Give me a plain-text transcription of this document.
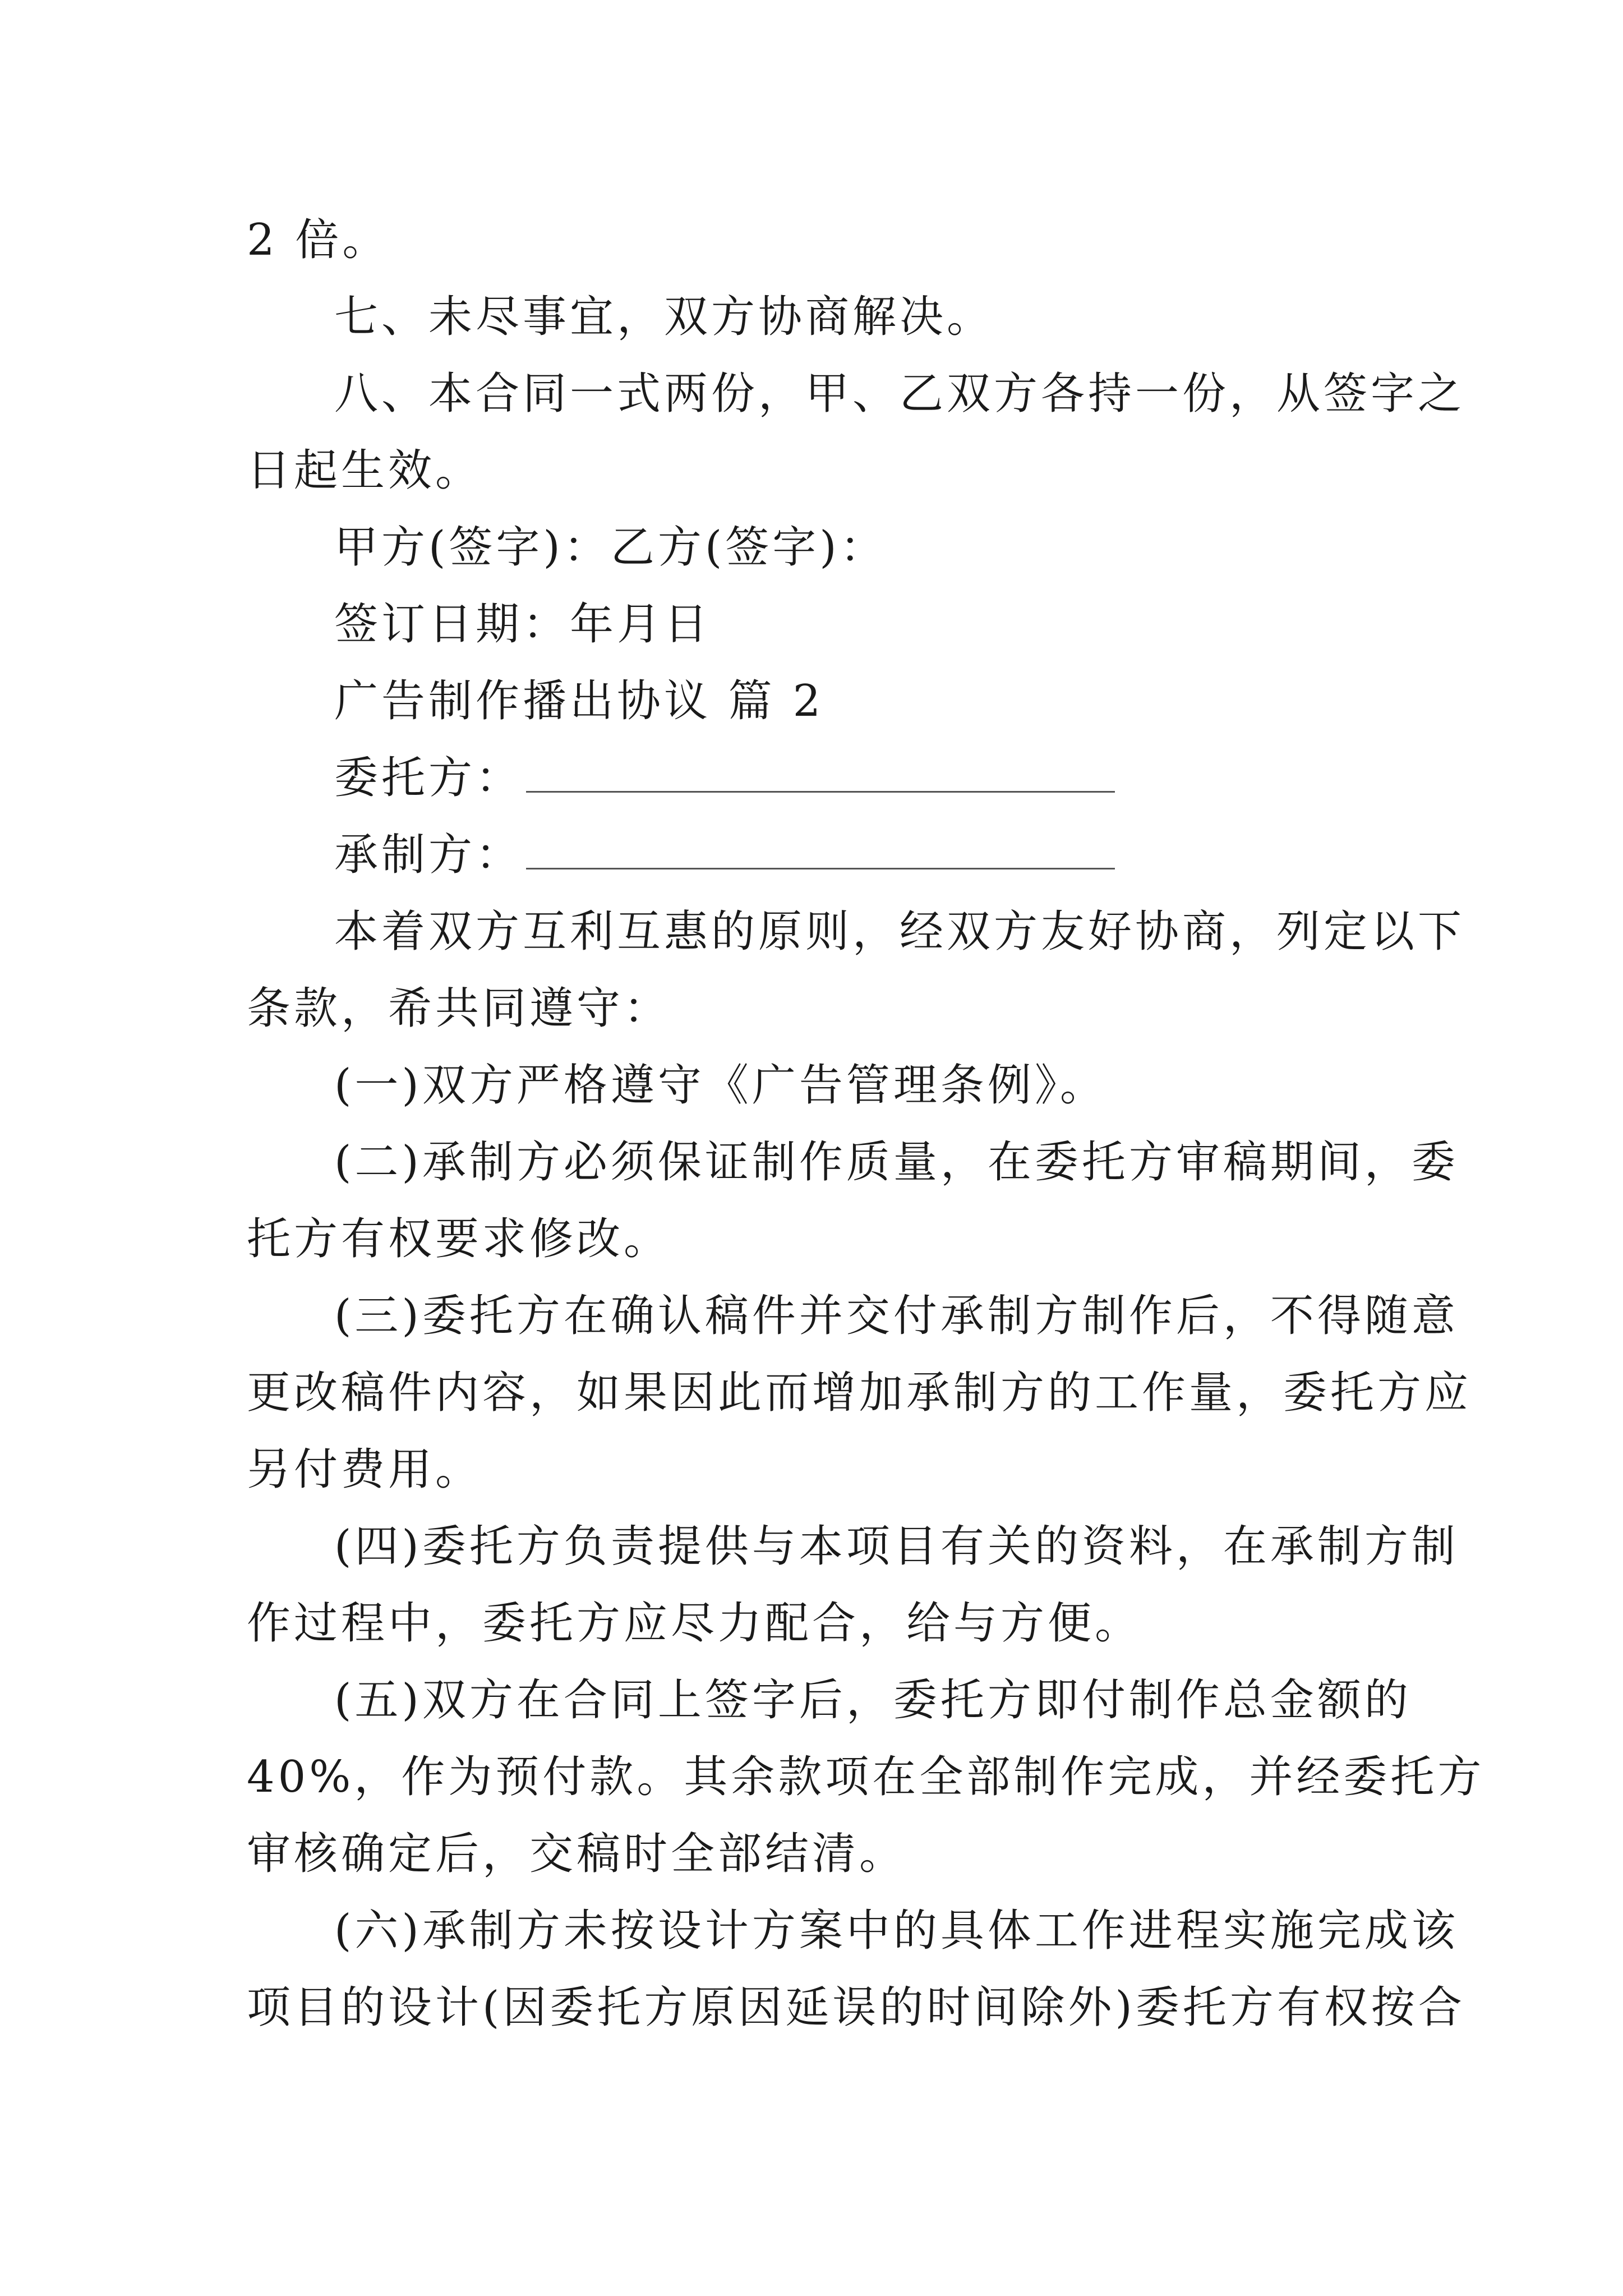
2 倍。
七、未尽事宜，双方协商解决。
八、本合同一式两份，甲、乙双方各持一份，从签字之
日起生效。
甲方(签字)：乙方(签字)：
签订日期：年月日
广告制作播出协议 篇 2
委托方：
承制方：
本着双方互利互惠的原则，经双方友好协商，列定以下
条款，希共同遵守：
(一)双方严格遵守《广告管理条例》。
(二)承制方必须保证制作质量，在委托方审稿期间，委
托方有权要求修改。
(三)委托方在确认稿件并交付承制方制作后，不得随意
更改稿件内容，如果因此而增加承制方的工作量，委托方应
另付费用。
(四)委托方负责提供与本项目有关的资料，在承制方制
作过程中，委托方应尽力配合，给与方便。
(五)双方在合同上签字后，委托方即付制作总金额的
40%，作为预付款。其余款项在全部制作完成，并经委托方
审核确定后，交稿时全部结清。
(六)承制方未按设计方案中的具体工作进程实施完成该
项目的设计(因委托方原因延误的时间除外)委托方有权按合
